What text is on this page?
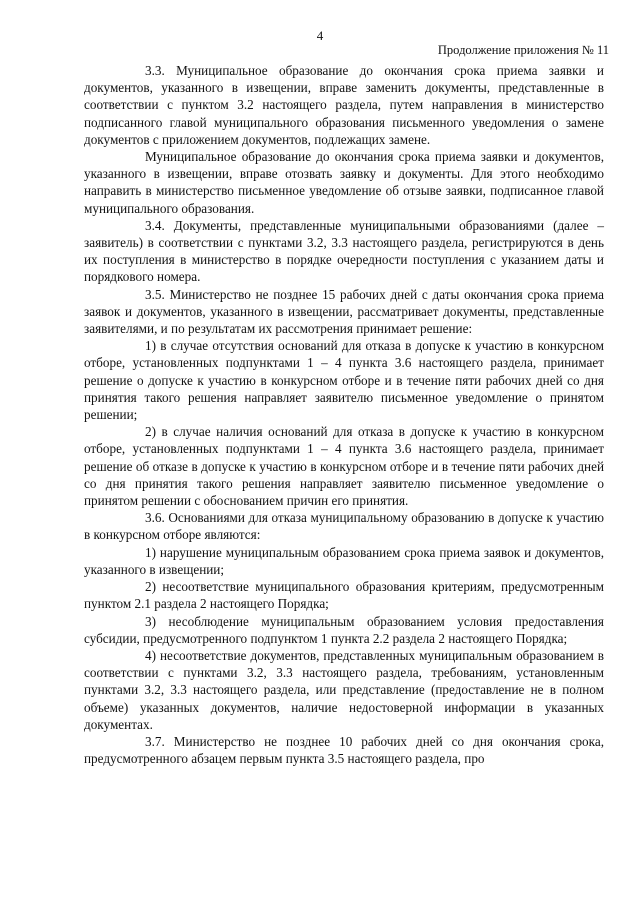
4
Продолжение приложения № 11

3.3. Муниципальное образование до окончания срока приема заявки и документов, указанного в извещении, вправе заменить документы, представленные в соответствии с пунктом 3.2 настоящего раздела, путем направления в министерство подписанного главой муниципального образования письменного уведомления о замене документов с приложением документов, подлежащих замене.

Муниципальное образование до окончания срока приема заявки и документов, указанного в извещении, вправе отозвать заявку и документы. Для этого необходимо направить в министерство письменное уведомление об отзыве заявки, подписанное главой муниципального образования.

3.4. Документы, представленные муниципальными образованиями (далее – заявитель) в соответствии с пунктами 3.2, 3.3 настоящего раздела, регистрируются в день их поступления в министерство в порядке очередности поступления с указанием даты и порядкового номера.

3.5. Министерство не позднее 15 рабочих дней с даты окончания срока приема заявок и документов, указанного в извещении, рассматривает документы, представленные заявителями, и по результатам их рассмотрения принимает решение:

1) в случае отсутствия оснований для отказа в допуске к участию в конкурсном отборе, установленных подпунктами 1 – 4 пункта 3.6 настоящего раздела, принимает решение о допуске к участию в конкурсном отборе и в течение пяти рабочих дней со дня принятия такого решения направляет заявителю письменное уведомление о принятом решении;

2) в случае наличия оснований для отказа в допуске к участию в конкурсном отборе, установленных подпунктами 1 – 4 пункта 3.6 настоящего раздела, принимает решение об отказе в допуске к участию в конкурсном отборе и в течение пяти рабочих дней со дня принятия такого решения направляет заявителю письменное уведомление о принятом решении с обоснованием причин его принятия.

3.6. Основаниями для отказа муниципальному образованию в допуске к участию в конкурсном отборе являются:

1) нарушение муниципальным образованием срока приема заявок и документов, указанного в извещении;

2) несоответствие муниципального образования критериям, предусмотренным пунктом 2.1 раздела 2 настоящего Порядка;

3) несоблюдение муниципальным образованием условия предоставления субсидии, предусмотренного подпунктом 1 пункта 2.2 раздела 2 настоящего Порядка;

4) несоответствие документов, представленных муниципальным образованием в соответствии с пунктами 3.2, 3.3 настоящего раздела, требованиям, установленным пунктами 3.2, 3.3 настоящего раздела, или представление (предоставление не в полном объеме) указанных документов, наличие недостоверной информации в указанных документах.

3.7. Министерство не позднее 10 рабочих дней со дня окончания срока, предусмотренного абзацем первым пункта 3.5 настоящего раздела, про
